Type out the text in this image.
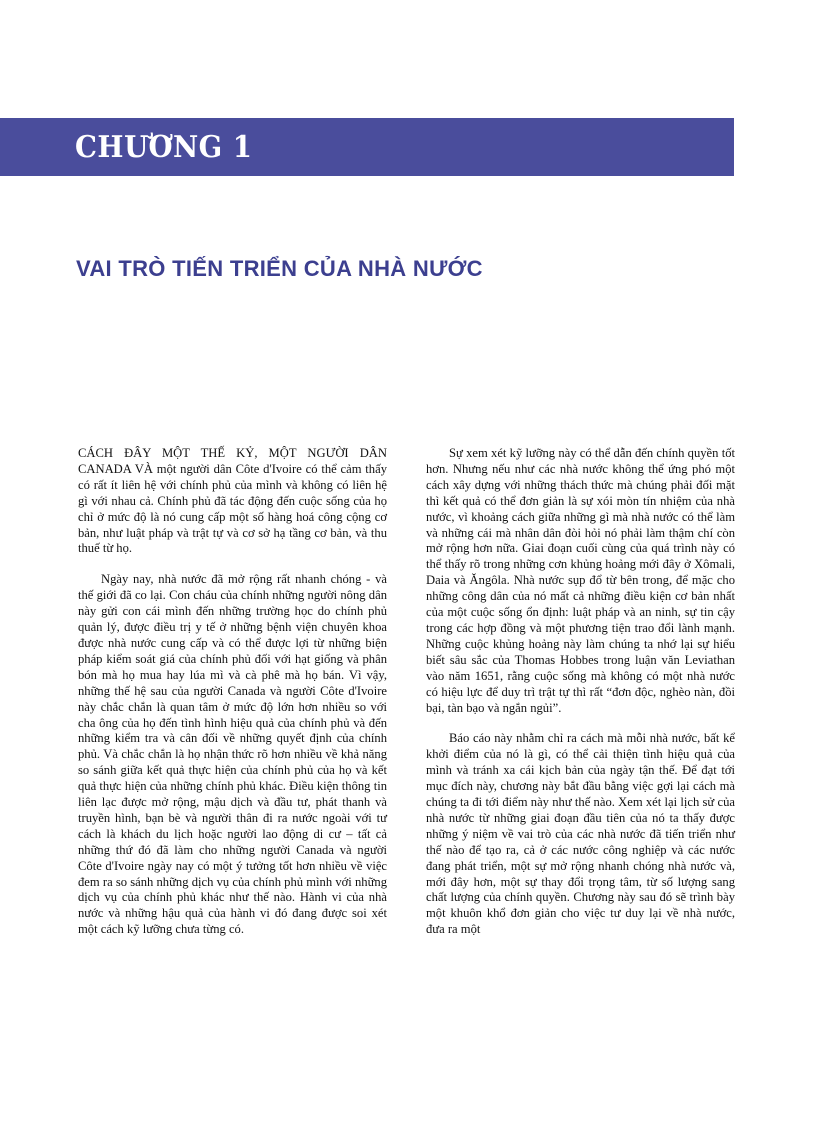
CHƯƠNG 1
VAI TRÒ TIẾN TRIỂN CỦA NHÀ NƯỚC

CÁCH ĐÂY MỘT THẾ KỶ, MỘT NGƯỜI DÂN CANADA VÀ một người dân Côte d'Ivoire có thể cảm thấy có rất ít liên hệ với chính phủ của mình và không có liên hệ gì với nhau cả. Chính phủ đã tác động đến cuộc sống của họ chỉ ở mức độ là nó cung cấp một số hàng hoá công cộng cơ bản, như luật pháp và trật tự và cơ sở hạ tầng cơ bản, và thu thuế từ họ.

Ngày nay, nhà nước đã mở rộng rất nhanh chóng - và thế giới đã co lại. Con cháu của chính những người nông dân này gửi con cái mình đến những trường học do chính phủ quản lý, được điều trị y tế ở những bệnh viện chuyên khoa được nhà nước cung cấp và có thể được lợi từ những biện pháp kiểm soát giá của chính phủ đối với hạt giống và phân bón mà họ mua hay lúa mì và cà phê mà họ bán. Vì vậy, những thế hệ sau của người Canada và người Côte d'Ivoire này chắc chắn là quan tâm ở mức độ lớn hơn nhiều so với cha ông của họ đến tình hình hiệu quả của chính phủ và đến những kiểm tra và cân đối về những quyết định của chính phủ. Và chắc chắn là họ nhận thức rõ hơn nhiều về khả năng so sánh giữa kết quả thực hiện của chính phủ của họ và kết quả thực hiện của những chính phủ khác. Điều kiện thông tin liên lạc được mở rộng, mậu dịch và đầu tư, phát thanh và truyền hình, bạn bè và người thân đi ra nước ngoài với tư cách là khách du lịch hoặc người lao động di cư – tất cả những thứ đó đã làm cho những người Canada và người Côte d'Ivoire ngày nay có một ý tưởng tốt hơn nhiều về việc đem ra so sánh những dịch vụ của chính phủ mình với những dịch vụ của chính phủ khác như thế nào. Hành vi của nhà nước và những hậu quả của hành vi đó đang được soi xét một cách kỹ lưỡng chưa từng có.

Sự xem xét kỹ lưỡng này có thể dẫn đến chính quyền tốt hơn. Nhưng nếu như các nhà nước không thể ứng phó một cách xây dựng với những thách thức mà chúng phải đối mặt thì kết quả có thể đơn giản là sự xói mòn tín nhiệm của nhà nước, vì khoảng cách giữa những gì mà nhà nước có thể làm và những cái mà nhân dân đòi hỏi nó phải làm thậm chí còn mở rộng hơn nữa. Giai đoạn cuối cùng của quá trình này có thể thấy rõ trong những cơn khủng hoảng mới đây ở Xômali, Daia và Ăngôla. Nhà nước sụp đổ từ bên trong, để mặc cho những công dân của nó mất cả những điều kiện cơ bản nhất của một cuộc sống ổn định: luật pháp và an ninh, sự tin cậy trong các hợp đồng và một phương tiện trao đổi lành mạnh. Những cuộc khủng hoảng này làm chúng ta nhớ lại sự hiểu biết sâu sắc của Thomas Hobbes trong luận văn Leviathan vào năm 1651, rằng cuộc sống mà không có một nhà nước có hiệu lực để duy trì trật tự thì rất “đơn độc, nghèo nàn, đồi bại, tàn bạo và ngắn ngủi”.

Báo cáo này nhằm chỉ ra cách mà mỗi nhà nước, bất kể khởi điểm của nó là gì, có thể cải thiện tình hiệu quả của mình và tránh xa cái kịch bản của ngày tận thế. Để đạt tới mục đích này, chương này bắt đầu bằng việc gợi lại cách mà chúng ta đi tới điểm này như thế nào. Xem xét lại lịch sử của nhà nước từ những giai đoạn đầu tiên của nó ta thấy được những ý niệm về vai trò của các nhà nước đã tiến triển như thế nào để tạo ra, cả ở các nước công nghiệp và các nước đang phát triển, một sự mở rộng nhanh chóng nhà nước và, mới đây hơn, một sự thay đổi trọng tâm, từ số lượng sang chất lượng của chính quyền. Chương này sau đó sẽ trình bày một khuôn khổ đơn giản cho việc tư duy lại về nhà nước, đưa ra một
